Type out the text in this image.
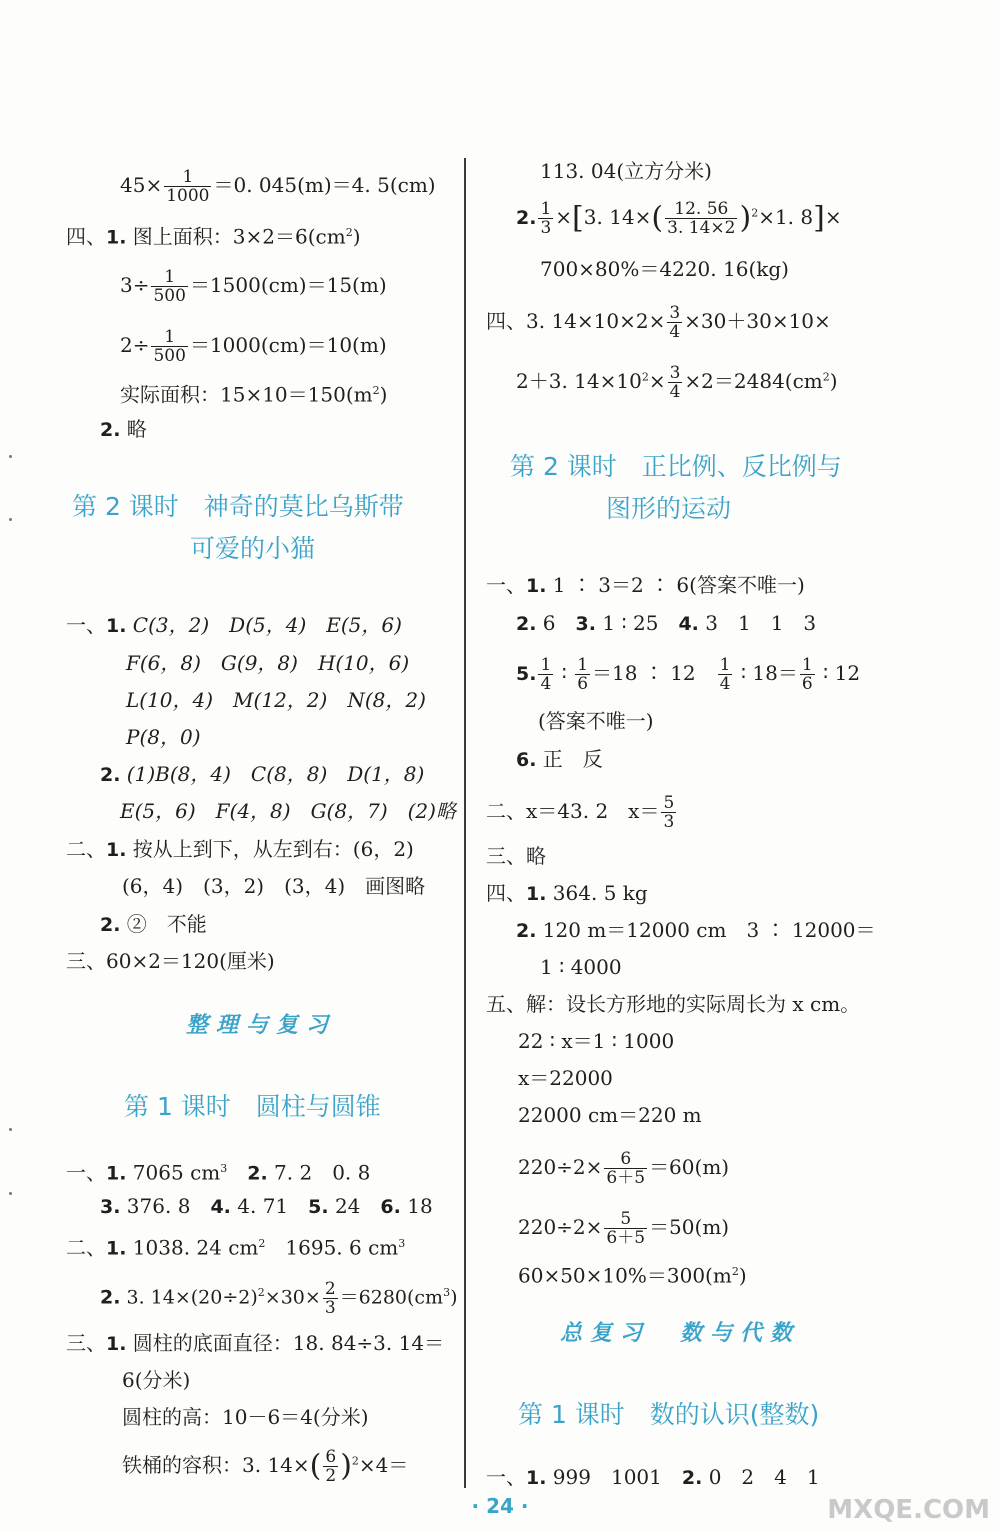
$45\times \frac{1}{1000} =0$. 045(m)＝4. 5(cm)
四、1. 图上面积：$3\times 2=6(cm^2)$
$3\div \frac{1}{500} =1500(cm)=15(m)$
$2\div \frac{1}{500} =1000(cm)=10(m)$
实际面积：$15\times 10=150(m^2)$
2. 略
第 2 课时　神奇的莫比乌斯带
可爱的小猫
一、1. C(3，2)　D(5，4)　E(5，6)
F(6，8)　G(9，8)　H(10，6)
L(10，4)　M(12，2)　N(8，2)
P(8，0)
2. (1)B(8，4)　C(8，8)　D(1，8)
E(5，6)　F(4，8)　G(8，7)　(2)略
二、1. 按从上到下，从左到右：(6，2)
(6，4)　(3，2)　(3，4)　画图略
2. ②　不能
三、60×2＝120(厘米)
整理与复习
第 1 课时　圆柱与圆锥
一、1. 7065 $cm^3$　 2. 7. 2　0. 8
3. 376. 8　4. 4. 71　5. 24　6. 18
二、1. 1038. 24 $cm^2$　1695. 6 $cm^3$
2. 3. $14\times(20\div 2)^2\times 30\times \frac{2}{3} =6280(cm^3)$
三、1. 圆柱的底面直径：18. 84÷3. 14＝
6(分米)
圆柱的高：10－6＝4(分米)
铁桶的容积：3. $14\times( \frac{6}{2} )^2\times 4=$
113. 04(立方分米)
2. $\frac{1}{3} \times[3$. $14\times( \frac{12. 56}{3. 14\times 2} )^2\times 1$. 8]×
700×80%＝4220. 16(kg)
四、3. $14\times 10\times 2\times \frac{3}{4} \times 30+30\times 10\times$
2＋3. $14\times 10^2\times \frac{3}{4} \times 2=2484(cm^2)$
第 2 课时　正比例、反比例与
图形的运动
一、1. 1 ∶ 3＝2 ∶ 6(答案不唯一)
2. 6　3. 1 ∶ 25　4. 3　1　1　3
5. $\frac{1}{4}$ ∶ $\frac{1}{6} =18$ ∶ 12　 $\frac{1}{4}$ ∶ $18= \frac{1}{6}$ ∶ 12
(答案不唯一)
6. 正　反
二、x＝43. 2　$x= \frac{5}{3}$
三、略
四、1. 364. 5 kg
2. 120 m＝12000 cm　3 ∶ 12000＝
1 ∶ 4000
五、解：设长方形地的实际周长为 x cm。
22 ∶ x＝1 ∶ 1000
x＝22000
22000 cm＝220 m
$220\div 2\times \frac{6}{6+5} =60(m)$
$220\div 2\times \frac{5}{6+5} =50(m)$
$60\times 50\times 10\%=300(m^2)$
总复习　数与代数
第 1 课时　数的认识(整数)
一、1. 999　1001　2. 0　2　4　1
· 24 ·	MXQE.COM
